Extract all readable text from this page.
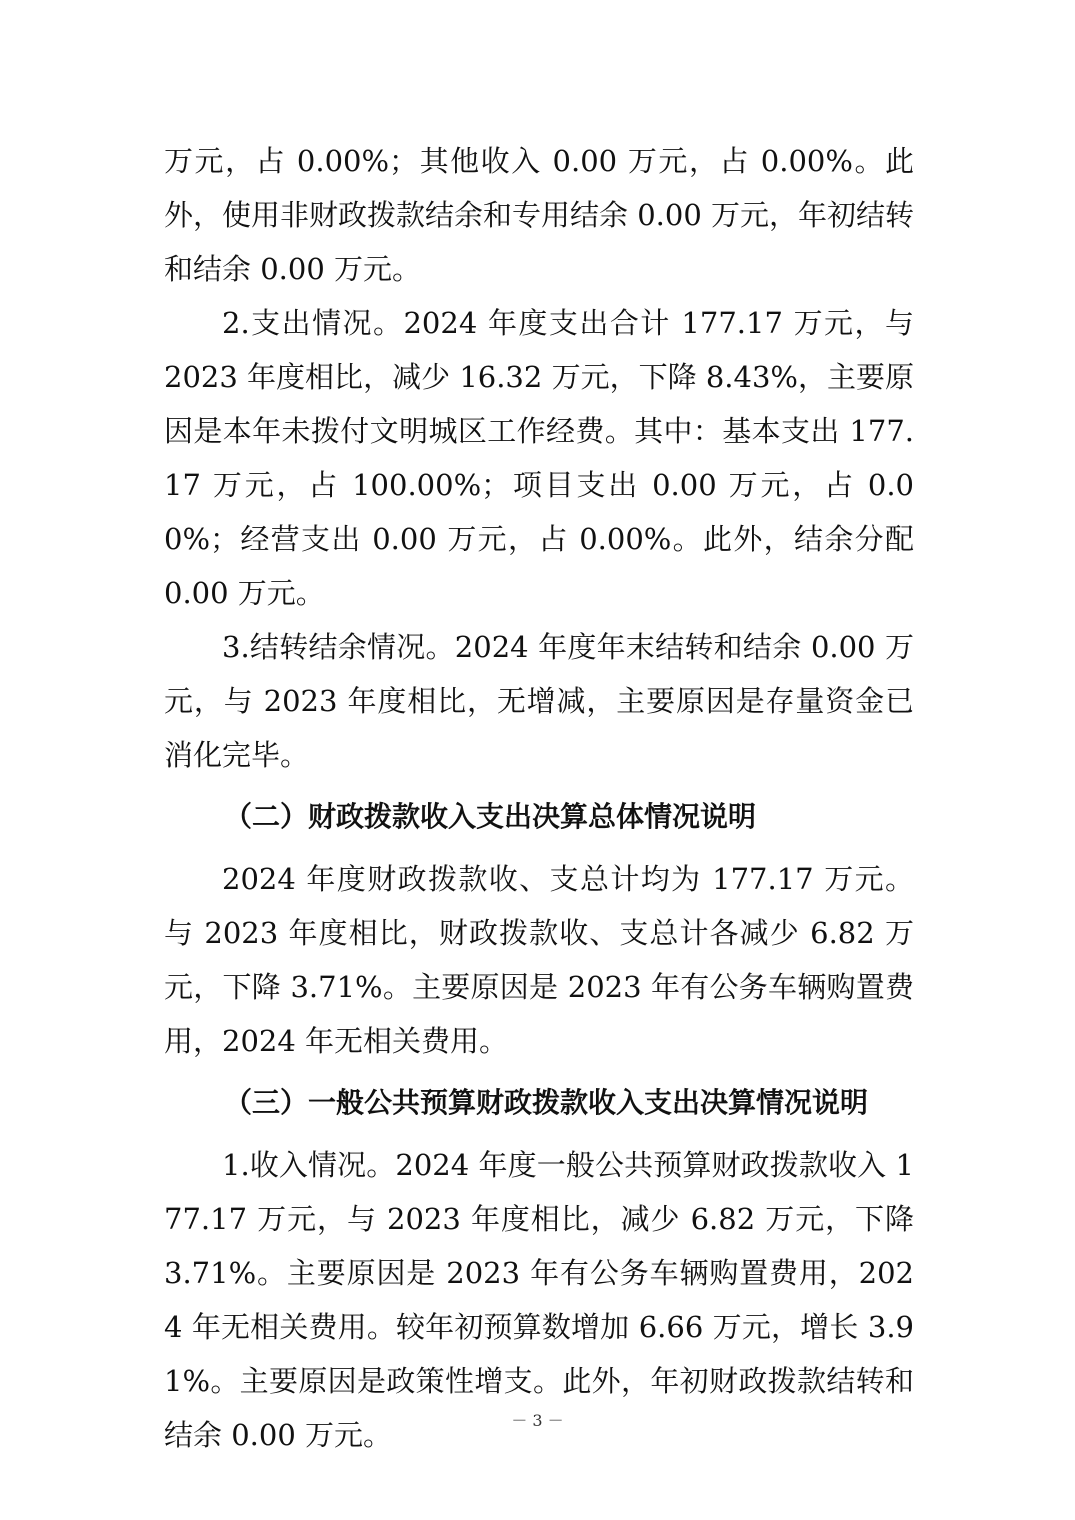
万元，占 0.00%；其他收入 0.00 万元，占 0.00%。此外，使用非财政拨款结余和专用结余 0.00 万元，年初结转和结余 0.00 万元。

2.支出情况。2024 年度支出合计 177.17 万元，与 2023 年度相比，减少 16.32 万元，下降 8.43%，主要原因是本年未拨付文明城区工作经费。其中：基本支出 177.17 万元，占 100.00%；项目支出 0.00 万元，占 0.00%；经营支出 0.00 万元，占 0.00%。此外，结余分配 0.00 万元。

3.结转结余情况。2024 年度年末结转和结余 0.00 万元，与 2023 年度相比，无增减，主要原因是存量资金已消化完毕。

（二）财政拨款收入支出决算总体情况说明

2024 年度财政拨款收、支总计均为 177.17 万元。与 2023 年度相比，财政拨款收、支总计各减少 6.82 万元，下降 3.71%。主要原因是 2023 年有公务车辆购置费用，2024 年无相关费用。

（三）一般公共预算财政拨款收入支出决算情况说明

1.收入情况。2024 年度一般公共预算财政拨款收入 177.17 万元，与 2023 年度相比，减少 6.82 万元，下降 3.71%。主要原因是 2023 年有公务车辆购置费用，2024 年无相关费用。较年初预算数增加 6.66 万元，增长 3.91%。主要原因是政策性增支。此外，年初财政拨款结转和结余 0.00 万元。	－ 3 －
